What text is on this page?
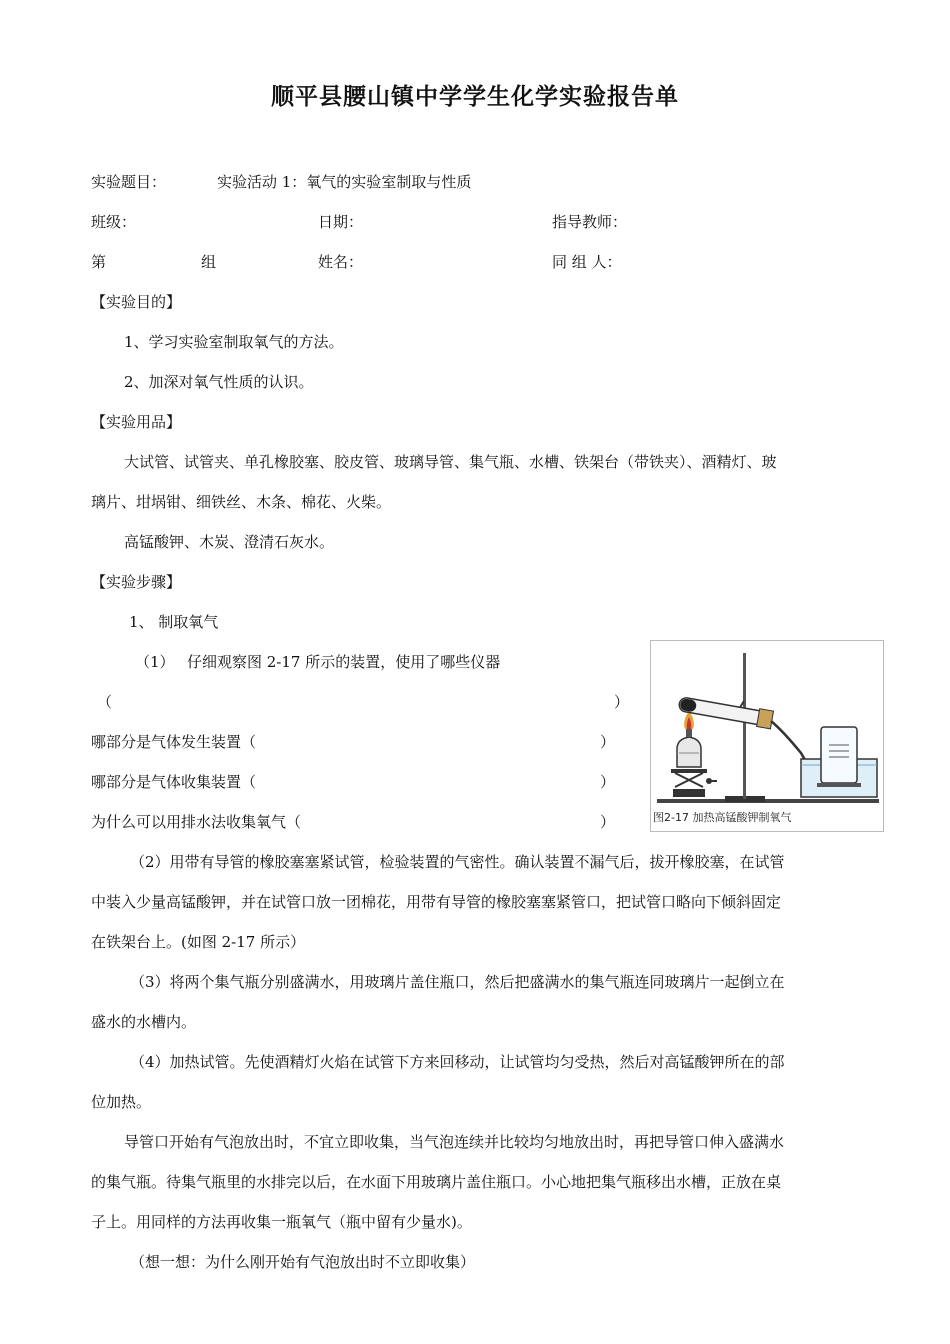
顺平县腰山镇中学学生化学实验报告单
实验题目：	实验活动 1：氧气的实验室制取与性质
班级：	日期：	指导教师：
第	组	姓名：	同 组 人：
【实验目的】
1、学习实验室制取氧气的方法。
2、加深对氧气性质的认识。
【实验用品】
大试管、试管夹、单孔橡胶塞、胶皮管、玻璃导管、集气瓶、水槽、铁架台（带铁夹）、酒精灯、玻
璃片、坩埚钳、细铁丝、木条、棉花、火柴。
高锰酸钾、木炭、澄清石灰水。
【实验步骤】
1、 制取氧气
（1） 仔细观察图 2-17 所示的装置，使用了哪些仪器
（	）
哪部分是气体发生装置（	）
哪部分是气体收集装置（	）
为什么可以用排水法收集氧气（	）
（2）用带有导管的橡胶塞塞紧试管，检验装置的气密性。确认装置不漏气后，拔开橡胶塞，在试管
中装入少量高锰酸钾，并在试管口放一团棉花，用带有导管的橡胶塞塞紧管口，把试管口略向下倾斜固定
在铁架台上。(如图 2-17 所示）
（3）将两个集气瓶分别盛满水，用玻璃片盖住瓶口，然后把盛满水的集气瓶连同玻璃片一起倒立在
盛水的水槽内。
（4）加热试管。先使酒精灯火焰在试管下方来回移动，让试管均匀受热，然后对高锰酸钾所在的部
位加热。
导管口开始有气泡放出时，不宜立即收集，当气泡连续并比较均匀地放出时，再把导管口伸入盛满水
的集气瓶。待集气瓶里的水排完以后，在水面下用玻璃片盖住瓶口。小心地把集气瓶移出水槽，正放在桌
子上。用同样的方法再收集一瓶氧气（瓶中留有少量水)。
（想一想：为什么刚开始有气泡放出时不立即收集）
图2-17 加热高锰酸钾制氧气
